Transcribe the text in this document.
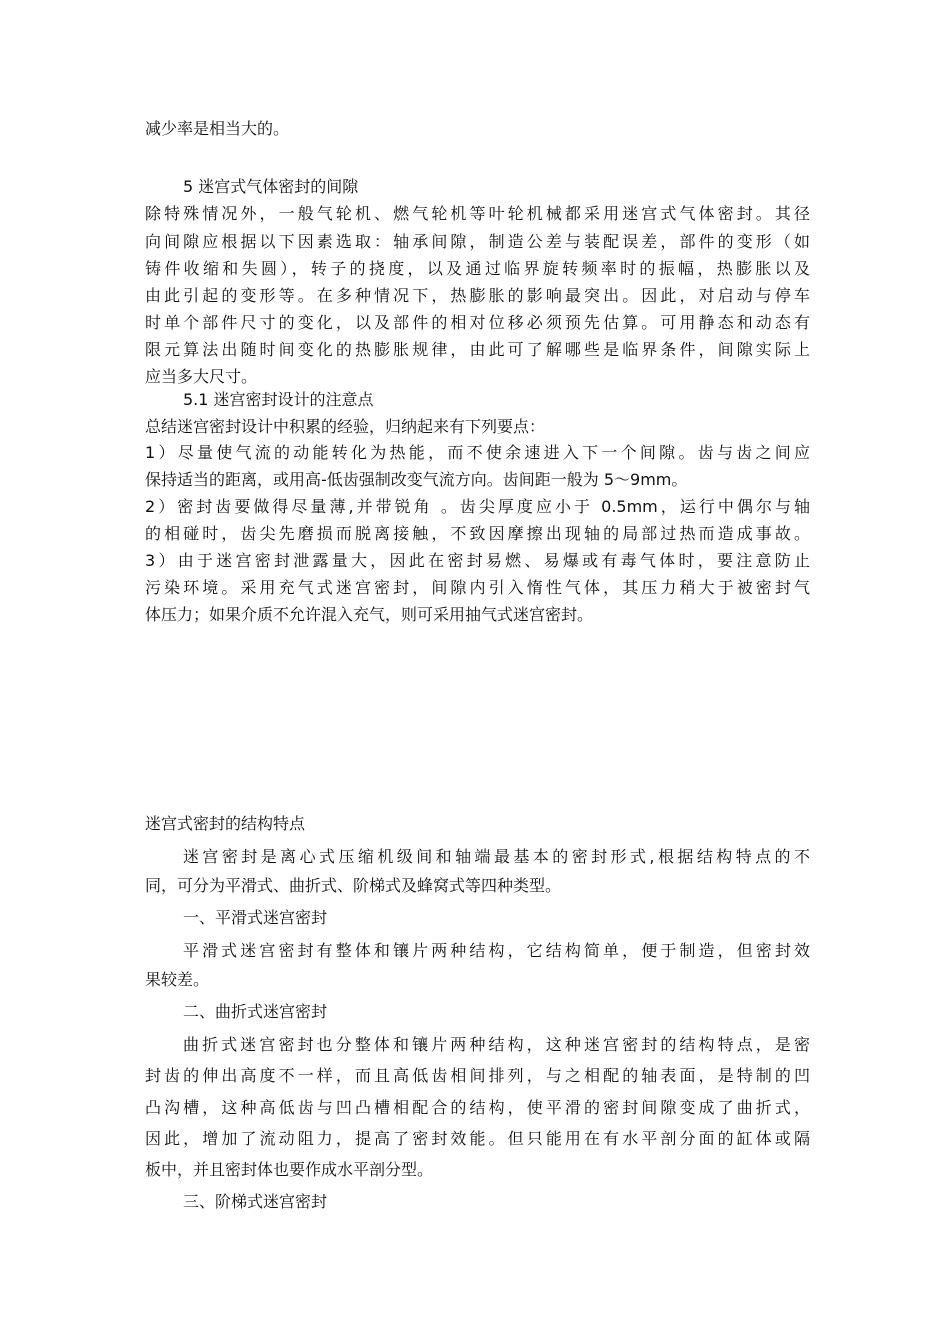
减少率是相当大的。
5 迷宫式气体密封的间隙
除特殊情况外，一般气轮机、燃气轮机等叶轮机械都采用迷宫式气体密封。其径
向间隙应根据以下因素选取：轴承间隙，制造公差与装配误差，部件的变形（如
铸件收缩和失圆），转子的挠度，以及通过临界旋转频率时的振幅，热膨胀以及
由此引起的变形等。在多种情况下，热膨胀的影响最突出。因此，对启动与停车
时单个部件尺寸的变化，以及部件的相对位移必须预先估算。可用静态和动态有
限元算法出随时间变化的热膨胀规律，由此可了解哪些是临界条件，间隙实际上
应当多大尺寸。
5.1 迷宫密封设计的注意点
总结迷宫密封设计中积累的经验，归纳起来有下列要点：
1）尽量使气流的动能转化为热能，而不使余速进入下一个间隙。齿与齿之间应
保持适当的距离，或用高-低齿强制改变气流方向。齿间距一般为 5～9mm。
2）密封齿要做得尽量薄,并带锐角 。齿尖厚度应小于 0.5mm，运行中偶尔与轴
的相碰时，齿尖先磨损而脱离接触，不致因摩擦出现轴的局部过热而造成事故。
3）由于迷宫密封泄露量大，因此在密封易燃、易爆或有毒气体时，要注意防止
污染环境。采用充气式迷宫密封，间隙内引入惰性气体，其压力稍大于被密封气
体压力；如果介质不允许混入充气，则可采用抽气式迷宫密封。
迷宫式密封的结构特点
迷宫密封是离心式压缩机级间和轴端最基本的密封形式,根据结构特点的不
同，可分为平滑式、曲折式、阶梯式及蜂窝式等四种类型。
一、平滑式迷宫密封
平滑式迷宫密封有整体和镶片两种结构，它结构简单，便于制造，但密封效
果较差。
二、曲折式迷宫密封
曲折式迷宫密封也分整体和镶片两种结构，这种迷宫密封的结构特点，是密
封齿的伸出高度不一样，而且高低齿相间排列，与之相配的轴表面，是特制的凹
凸沟槽，这种高低齿与凹凸槽相配合的结构，使平滑的密封间隙变成了曲折式，
因此，增加了流动阻力，提高了密封效能。但只能用在有水平剖分面的缸体或隔
板中，并且密封体也要作成水平剖分型。
三、阶梯式迷宫密封
